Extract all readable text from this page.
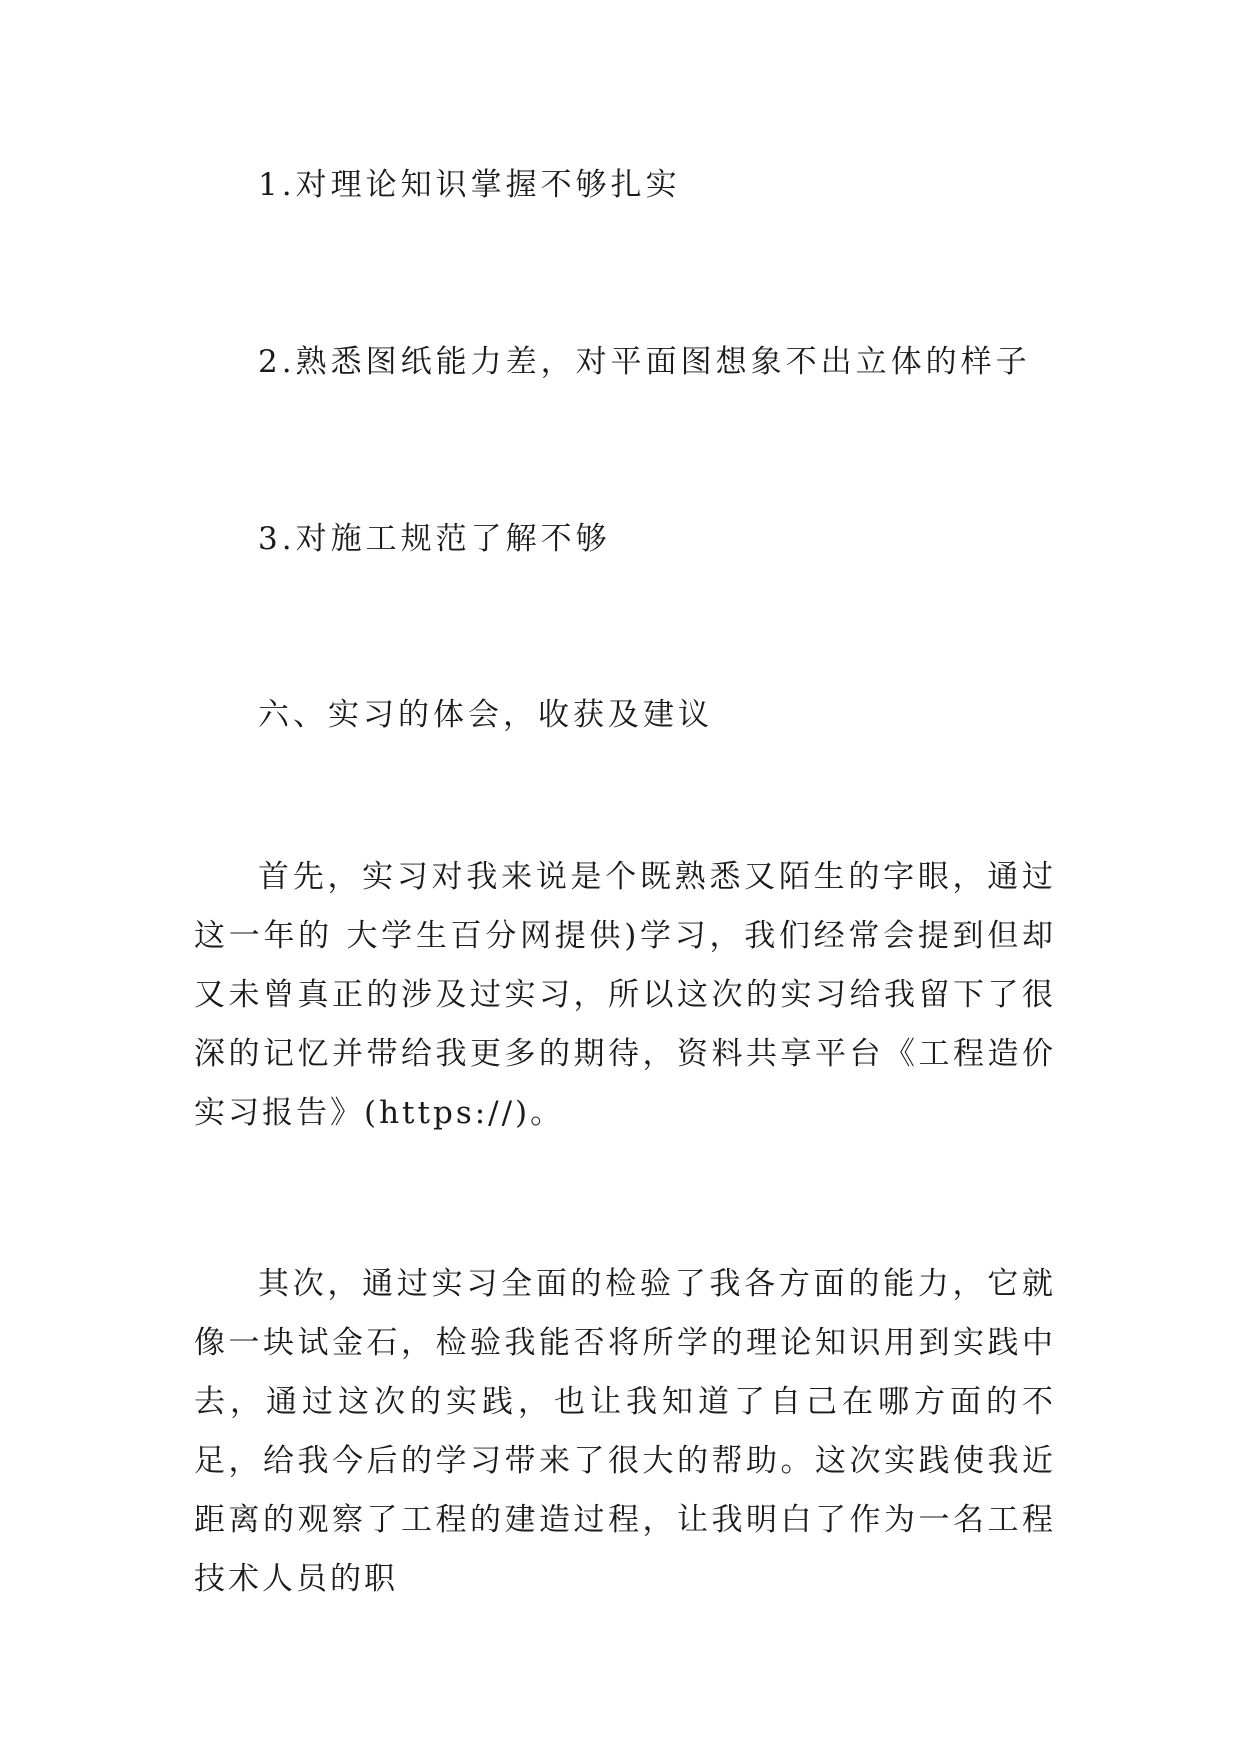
1.对理论知识掌握不够扎实
2.熟悉图纸能力差，对平面图想象不出立体的样子
3.对施工规范了解不够
六、实习的体会，收获及建议
首先，实习对我来说是个既熟悉又陌生的字眼，通过这一年的 大学生百分网提供)学习，我们经常会提到但却又未曾真正的涉及过实习，所以这次的实习给我留下了很深的记忆并带给我更多的期待，资料共享平台《工程造价实习报告》(https://)。
其次，通过实习全面的检验了我各方面的能力，它就像一块试金石，检验我能否将所学的理论知识用到实践中去，通过这次的实践，也让我知道了自己在哪方面的不足，给我今后的学习带来了很大的帮助。这次实践使我近距离的观察了工程的建造过程，让我明白了作为一名工程技术人员的职
